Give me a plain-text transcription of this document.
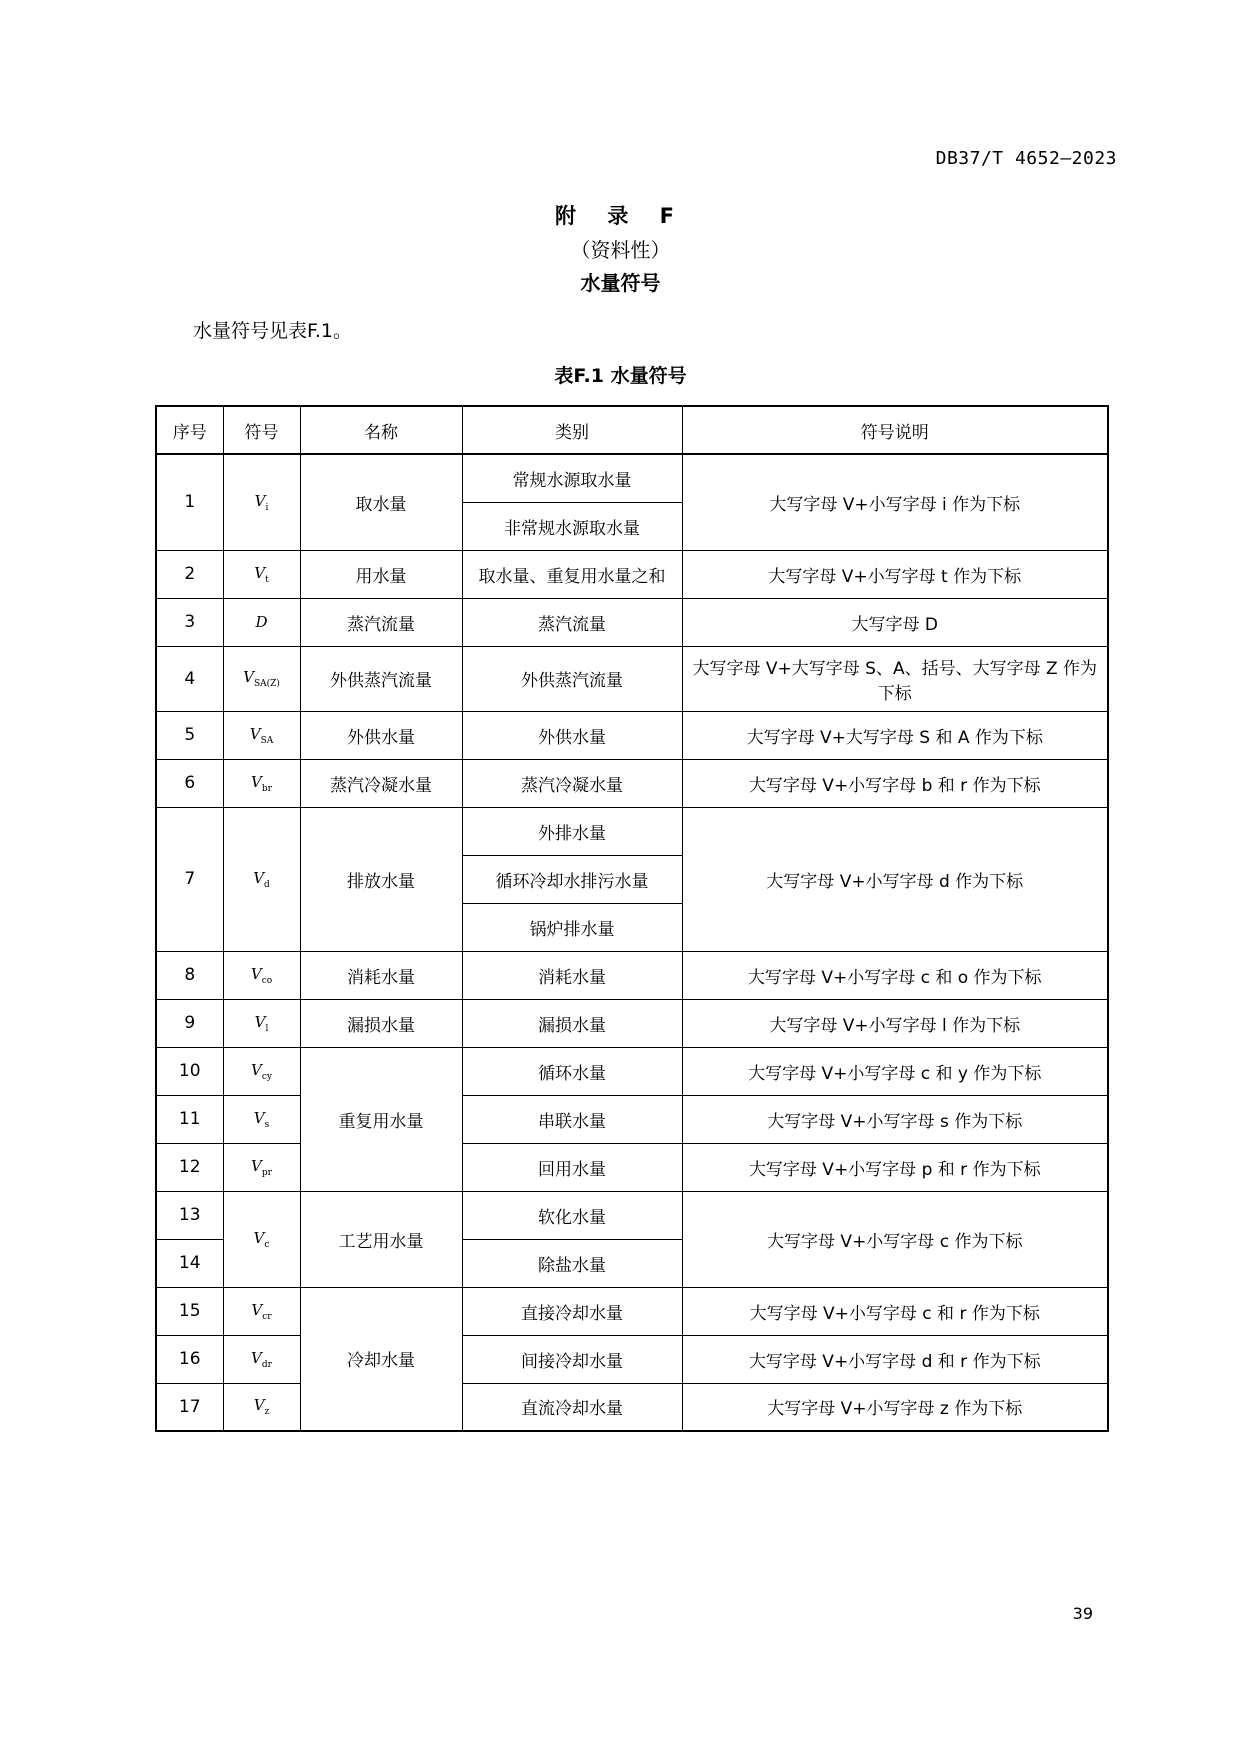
DB37/T 4652—2023
附 录 F
（资料性）
水量符号
水量符号见表F.1。
表F.1 水量符号
序号	符号	名称	类别	符号说明
1	$V_i$	取水量	常规水源取水量	大写字母 V+小写字母 i 作为下标
			非常规水源取水量	
2	$V_t$	用水量	取水量、重复用水量之和	大写字母 V+小写字母 t 作为下标
3	D	蒸汽流量	蒸汽流量	大写字母 D
4	$V_{SA(Z)}$	外供蒸汽流量	外供蒸汽流量	大写字母 V+大写字母 S、A、括号、大写字母 Z 作为下标
5	$V_{SA}$	外供水量	外供水量	大写字母 V+大写字母 S 和 A 作为下标
6	$V_{br}$	蒸汽冷凝水量	蒸汽冷凝水量	大写字母 V+小写字母 b 和 r 作为下标
7	$V_d$	排放水量	外排水量	大写字母 V+小写字母 d 作为下标
			循环冷却水排污水量	
			锅炉排水量	
8	$V_{co}$	消耗水量	消耗水量	大写字母 V+小写字母 c 和 o 作为下标
9	$V_l$	漏损水量	漏损水量	大写字母 V+小写字母 l 作为下标
10	$V_{cy}$	重复用水量	循环水量	大写字母 V+小写字母 c 和 y 作为下标
11	$V_s$		串联水量	大写字母 V+小写字母 s 作为下标
12	$V_{pr}$		回用水量	大写字母 V+小写字母 p 和 r 作为下标
13	$V_c$	工艺用水量	软化水量	大写字母 V+小写字母 c 作为下标
14			除盐水量	
15	$V_{cr}$	冷却水量	直接冷却水量	大写字母 V+小写字母 c 和 r 作为下标
16	$V_{dr}$		间接冷却水量	大写字母 V+小写字母 d 和 r 作为下标
17	$V_z$		直流冷却水量	大写字母 V+小写字母 z 作为下标
39
